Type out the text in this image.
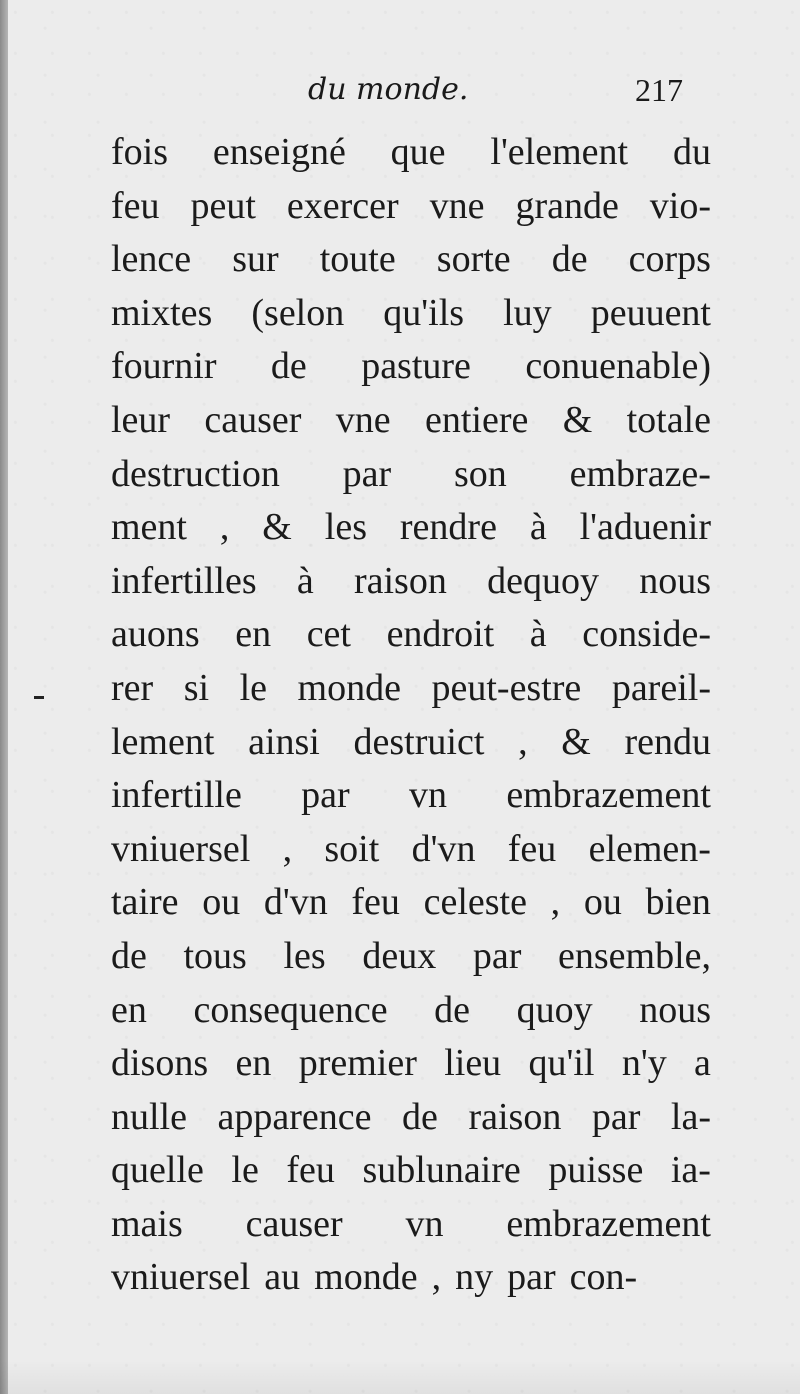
du monde.	217
fois enseigné que l'element du
feu peut exercer vne grande vio-
lence sur toute sorte de corps
mixtes (selon qu'ils luy peuuent
fournir de pasture conuenable)
leur causer vne entiere & totale
destruction par son embraze-
ment , & les rendre à l'aduenir
infertilles à raison dequoy nous
auons en cet endroit à conside-
rer si le monde peut-estre pareil-
lement ainsi destruict , & rendu
infertille par vn embrazement
vniuersel , soit d'vn feu elemen-
taire ou d'vn feu celeste , ou bien
de tous les deux par ensemble,
en consequence de quoy nous
disons en premier lieu qu'il n'y a
nulle apparence de raison par la-
quelle le feu sublunaire puisse ia-
mais causer vn embrazement
vniuersel au monde , ny par con-
